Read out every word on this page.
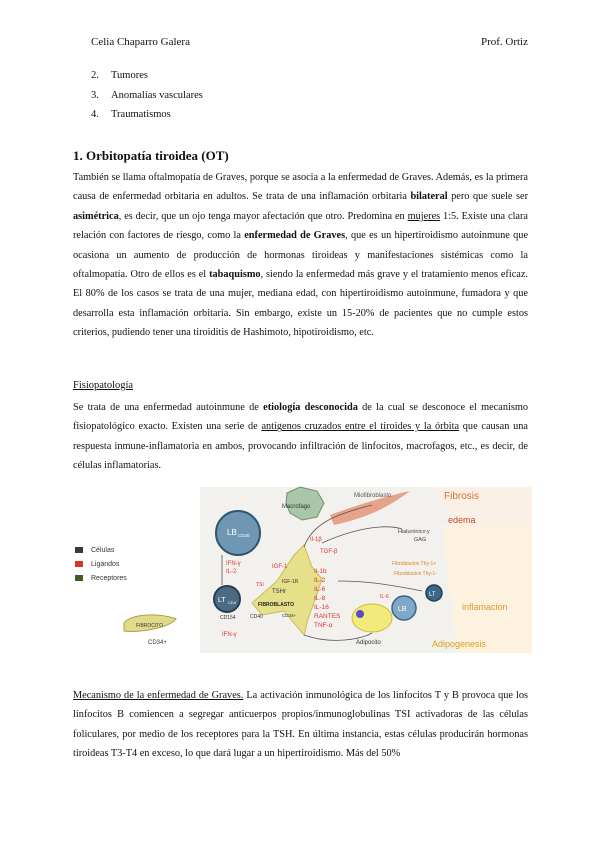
Celia Chaparro Galera	Prof. Ortiz
2. Tumores
3. Anomalías vasculares
4. Traumatismos
1. Orbitopatía tiroidea (OT)
También se llama oftalmopatía de Graves, porque se asocia a la enfermedad de Graves. Además, es la primera causa de enfermedad orbitaria en adultos. Se trata de una inflamación orbitaria bilateral pero que suele ser asimétrica, es decir, que un ojo tenga mayor afectación que otro. Predomina en mujeres 1:5. Existe una clara relación con factores de riesgo, como la enfermedad de Graves, que es un hipertiroidismo autoinmune que ocasiona un aumento de producción de hormonas tiroideas y manifestaciones sistémicas como la oftalmopatía. Otro de ellos es el tabaquismo, siendo la enfermedad más grave y el tratamiento menos eficaz. El 80% de los casos se trata de una mujer, mediana edad, con hipertiroidismo autoinmune, fumadora y que desarrolla esta inflamación orbitaria. Sin embargo, existe un 15-20% de pacientes que no cumple estos criterios, pudiendo tener una tiroiditis de Hashimoto, hipotiroidismo, etc.
Fisiopatología
Se trata de una enfermedad autoinmune de etiología desconocida de la cual se desconoce el mecanismo fisiopatológico exacto. Existen una serie de antígenos cruzados entre el tiroides y la órbita que causan una respuesta inmune-inflamatoria en ambos, provocando infiltración de linfocitos, macrofagos, etc., es decir, de células inflamatorias.
Células
Ligandos
Receptores
Macrofago
Miofibroblasto	Fibrosis
edema
LB CD20
IFN-γ
IL-2
LT CD4
CD154
IFN-γ
IGF-1
IGF-1R
TSI
TSHr
FIBROBLASTO
CD40	CD34+
Il-1β
TGF-β
Il-1b
IL-2
IL-6
IL-8
IL-16
RANTES
TNF-α
Hialurónico y
GAG
Fibroblastos Thy-1+
Fibroblastos Thy-1-
Adipocito
IL-6	LT
LB	inflamacion
Adipogenesis
FIBROCITO
CD34+
Mecanismo de la enfermedad de Graves. La activación inmunológica de los linfocitos T y B provoca que los linfocitos B comiencen a segregar anticuerpos propios/inmunoglobulinas TSI activadoras de las células foliculares, por medio de los receptores para la TSH. En última instancia, estas células producirán hormonas tiroideas T3-T4 en exceso, lo que dará lugar a un hipertiroidismo. Más del 50%
